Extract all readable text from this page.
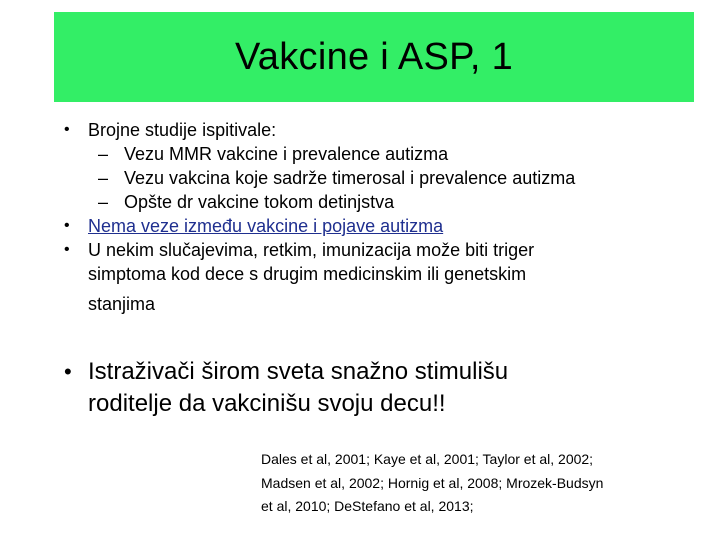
Vakcine i ASP, 1
• Brojne studije ispitivale:
– Vezu MMR vakcine i prevalence autizma
– Vezu vakcina koje sadrže timerosal i prevalence autizma
– Opšte dr vakcine tokom detinjstva
• Nema veze između vakcine i pojave autizma
• U nekim slučajevima, retkim, imunizacija može biti triger
simptoma kod dece s drugim medicinskim ili genetskim
stanjima
• Istraživači širom sveta snažno stimulišu
roditelje da vakcinišu svoju decu!!
Dales et al, 2001; Kaye et al, 2001; Taylor et al, 2002;
Madsen et al, 2002; Hornig et al, 2008; Mrozek-Budsyn
et al, 2010; DeStefano et al, 2013;
